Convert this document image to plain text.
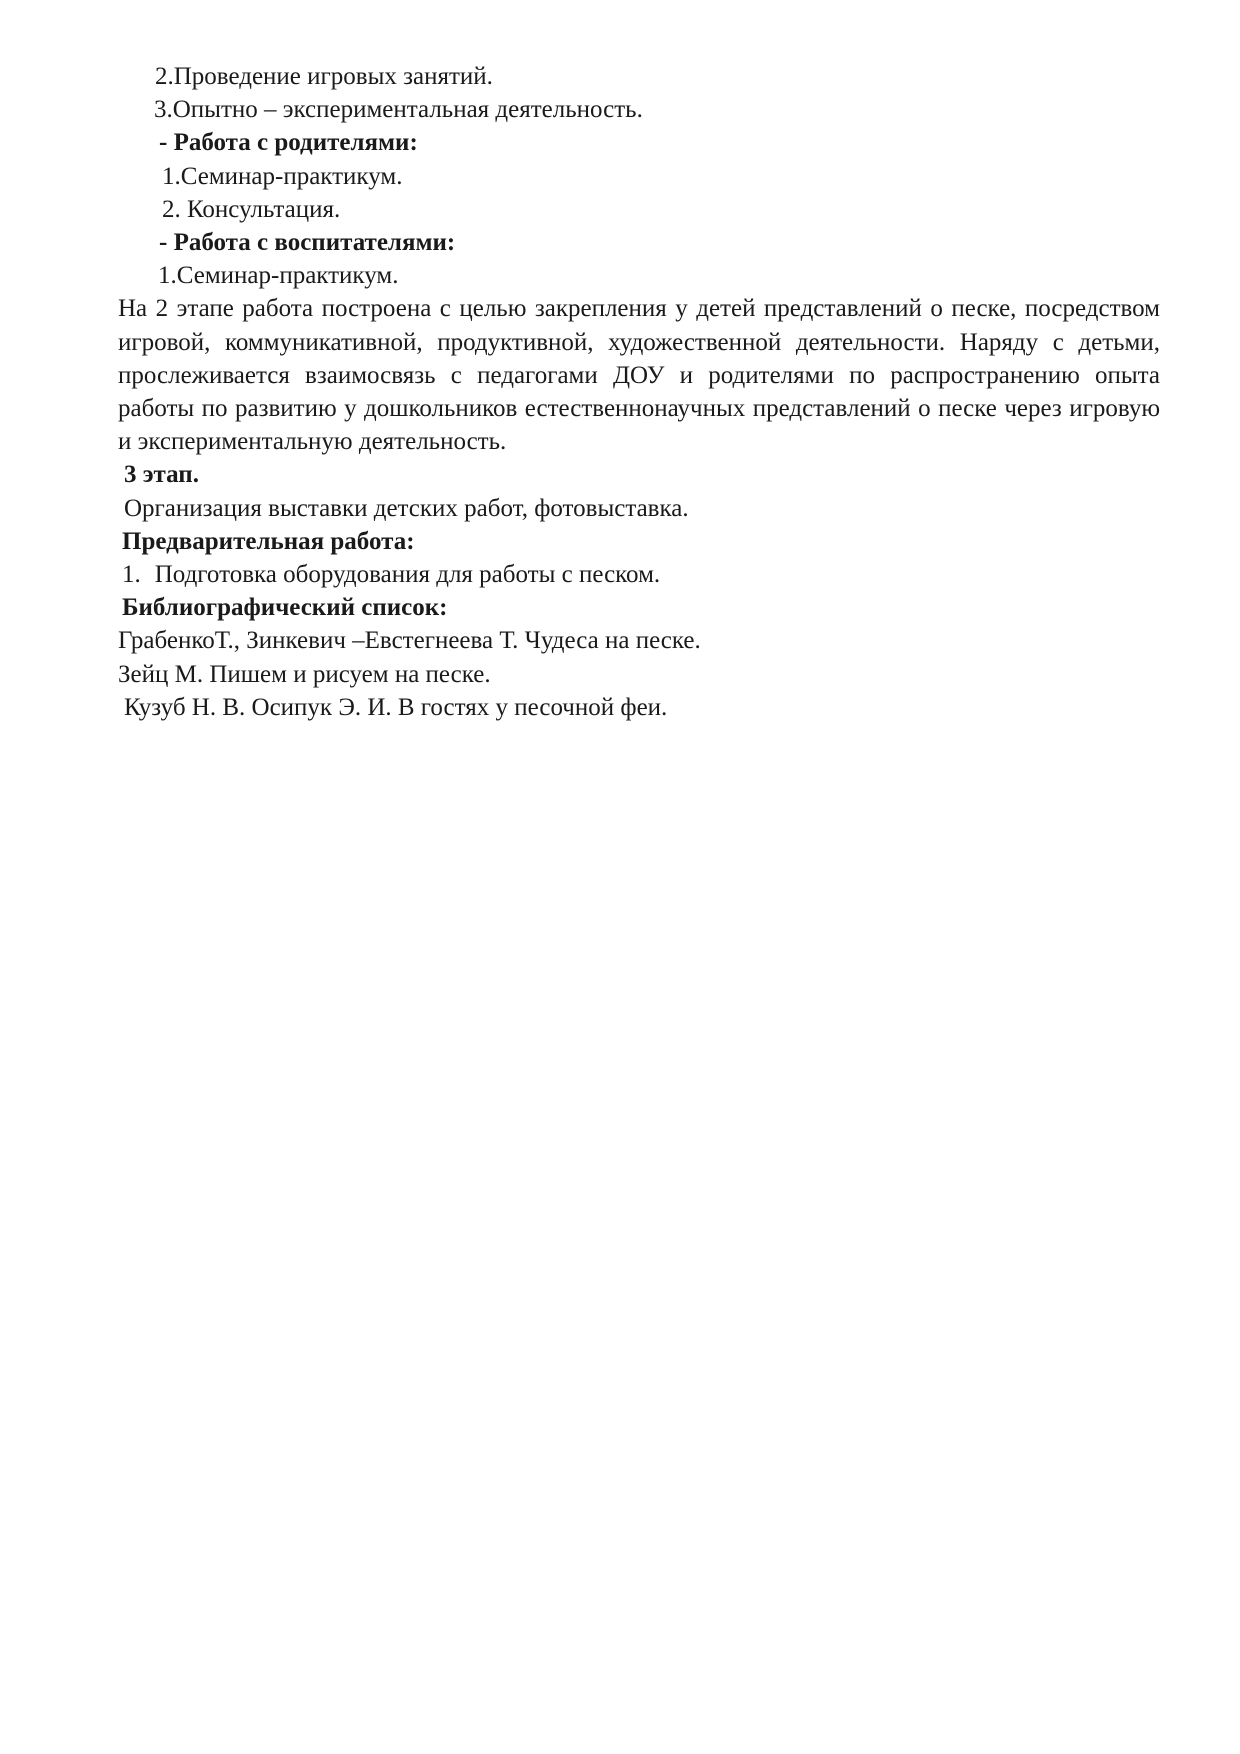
2.Проведение игровых занятий.
3.Опытно – экспериментальная деятельность.
- Работа с родителями:
1.Семинар-практикум.
2. Консультация.
- Работа с воспитателями:
1.Семинар-практикум.
На 2 этапе работа построена с целью закрепления у детей представлений о песке, посредством игровой, коммуникативной, продуктивной, художественной деятельности. Наряду с детьми, прослеживается взаимосвязь с педагогами ДОУ и родителями по распространению опыта работы по развитию у дошкольников естественнонаучных представлений о песке через игровую и экспериментальную деятельность.
3 этап.
Организация выставки детских работ, фотовыставка.
Предварительная работа:
1. Подготовка оборудования для работы с песком.
Библиографический список:
ГрабенкоТ., Зинкевич –Евстегнеева Т. Чудеса на песке.
Зейц М. Пишем и рисуем на песке.
Кузуб Н. В. Осипук Э. И. В гостях у песочной феи.
